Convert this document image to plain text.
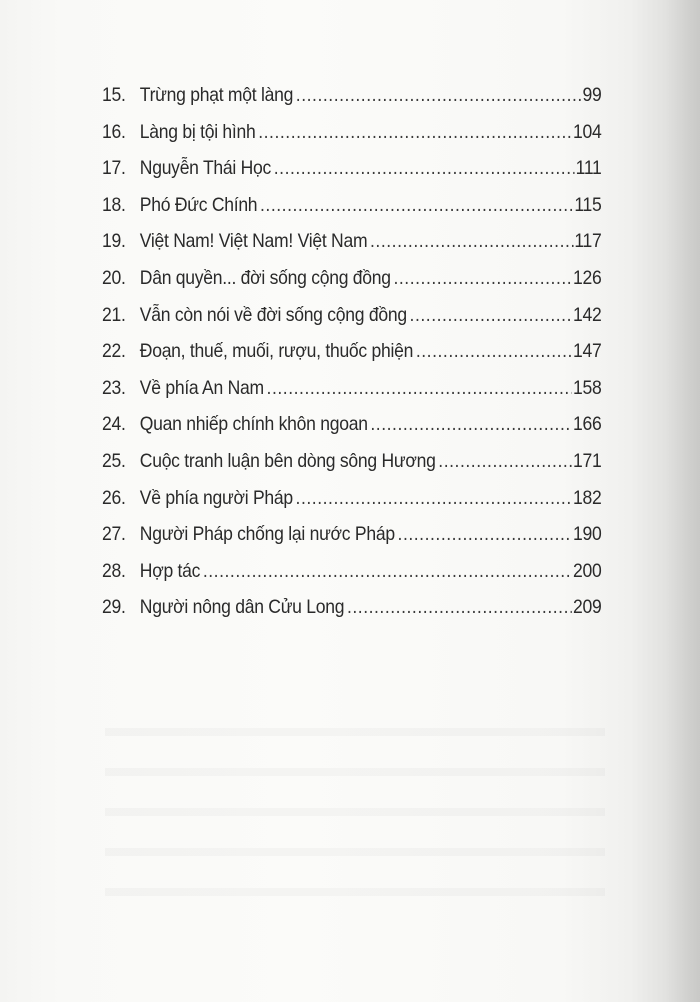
15. Trừng phạt một làng .....	99
16. Làng bị tội hình .....	104
17. Nguyễn Thái Học .....	111
18. Phó Đức Chính .....	115
19. Việt Nam! Việt Nam! Việt Nam .....	117
20. Dân quyền... đời sống cộng đồng .....	126
21. Vẫn còn nói về đời sống cộng đồng .....	142
22. Đoạn, thuế, muối, rượu, thuốc phiện .....	147
23. Về phía An Nam .....	158
24. Quan nhiếp chính khôn ngoan .....	166
25. Cuộc tranh luận bên dòng sông Hương .....	171
26. Về phía người Pháp .....	182
27. Người Pháp chống lại nước Pháp .....	190
28. Hợp tác .....	200
29. Người nông dân Cửu Long .....	209
